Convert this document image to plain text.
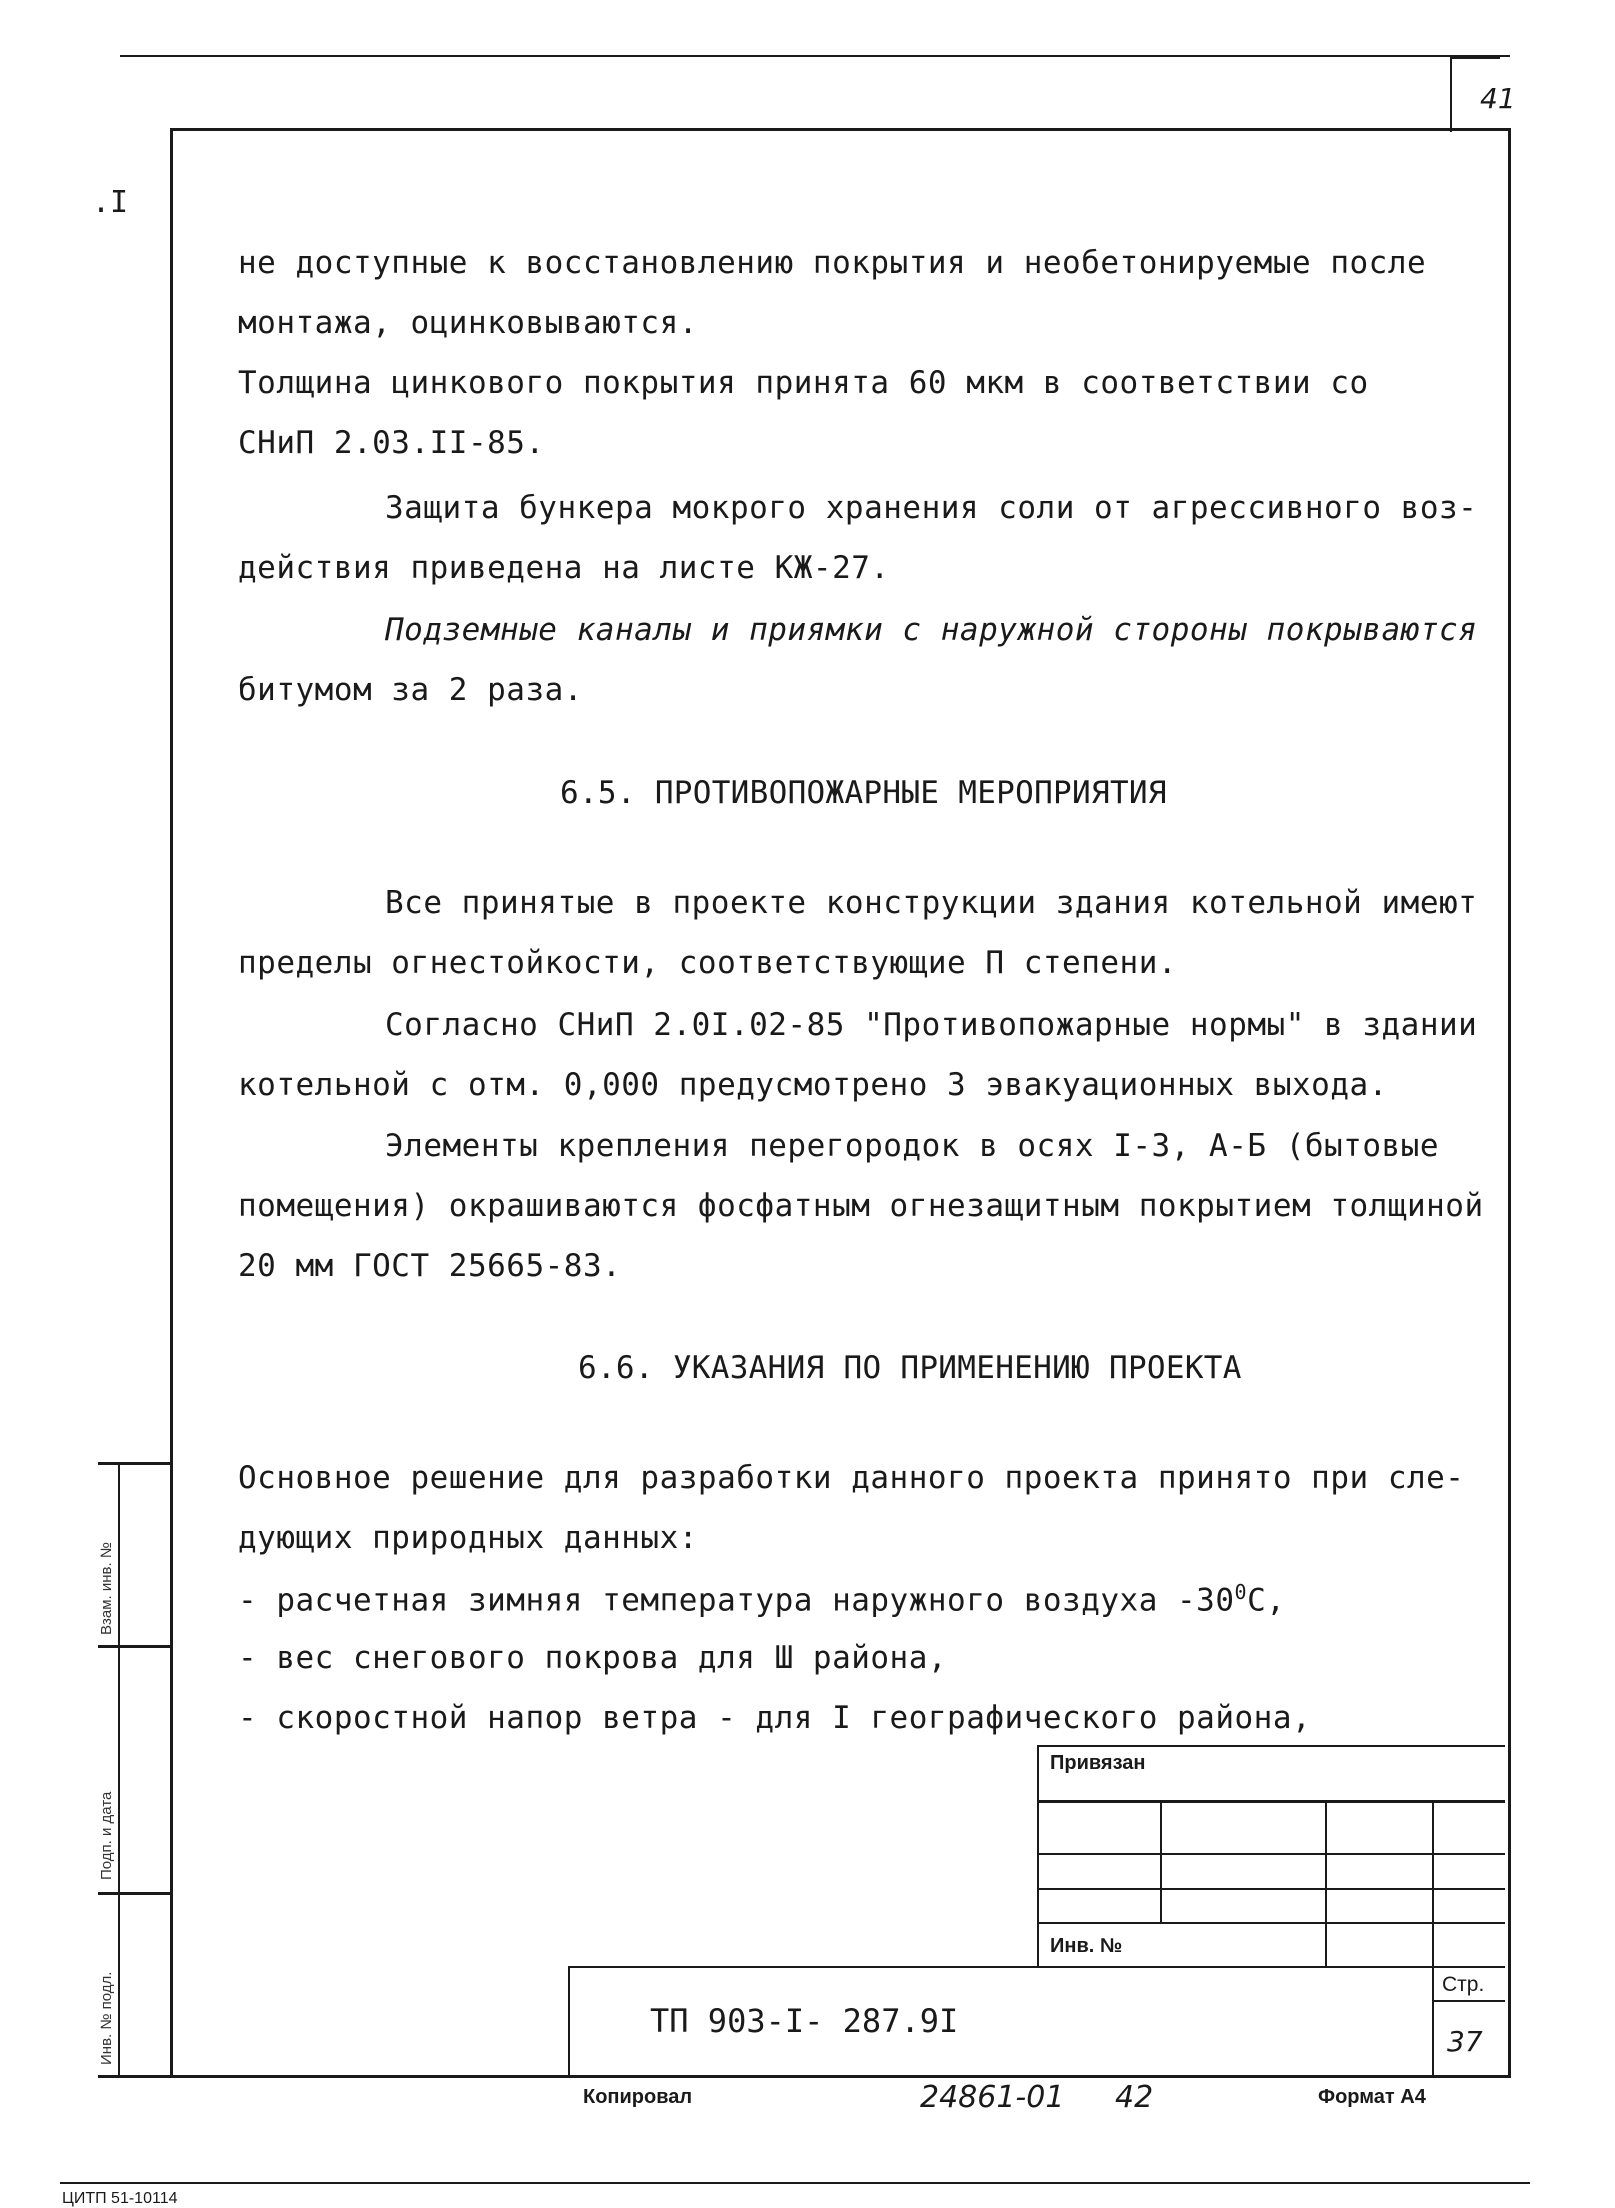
41
.I
не доступные к восстановлению покрытия и необетонируемые после
монтажа, оцинковываются.
Толщина цинкового покрытия принята 60 мкм в соответствии со
СНиП 2.03.II-85.
Защита бункера мокрого хранения соли от агрессивного воз-
действия приведена на листе КЖ-27.
Подземные каналы и приямки с наружной стороны покрываются
битумом за 2 раза.
6.5. ПРОТИВОПОЖАРНЫЕ МЕРОПРИЯТИЯ
Все принятые в проекте конструкции здания котельной имеют
пределы огнестойкости, соответствующие П степени.
Согласно СНиП 2.0I.02-85 "Противопожарные нормы" в здании
котельной с отм. 0,000 предусмотрено 3 эвакуационных выхода.
Элементы крепления перегородок в осях I-3, А-Б (бытовые
помещения) окрашиваются фосфатным огнезащитным покрытием толщиной
20 мм ГОСТ 25665-83.
6.6. УКАЗАНИЯ ПО ПРИМЕНЕНИЮ ПРОЕКТА
Основное решение для разработки данного проекта принято при сле-
дующих природных данных:
- расчетная зимняя температура наружного воздуха $-30^0С$,
- вес снегового покрова для Ш района,
- скоростной напор ветра - для I географического района,
Взам. инв. №
Подп. и дата
Инв. № подл.
Привязан
Инв. №
ТП 903-I- 287.9I
Стр.
37
Копировал	24861-01 42	Формат А4
ЦИТП 51-10114
